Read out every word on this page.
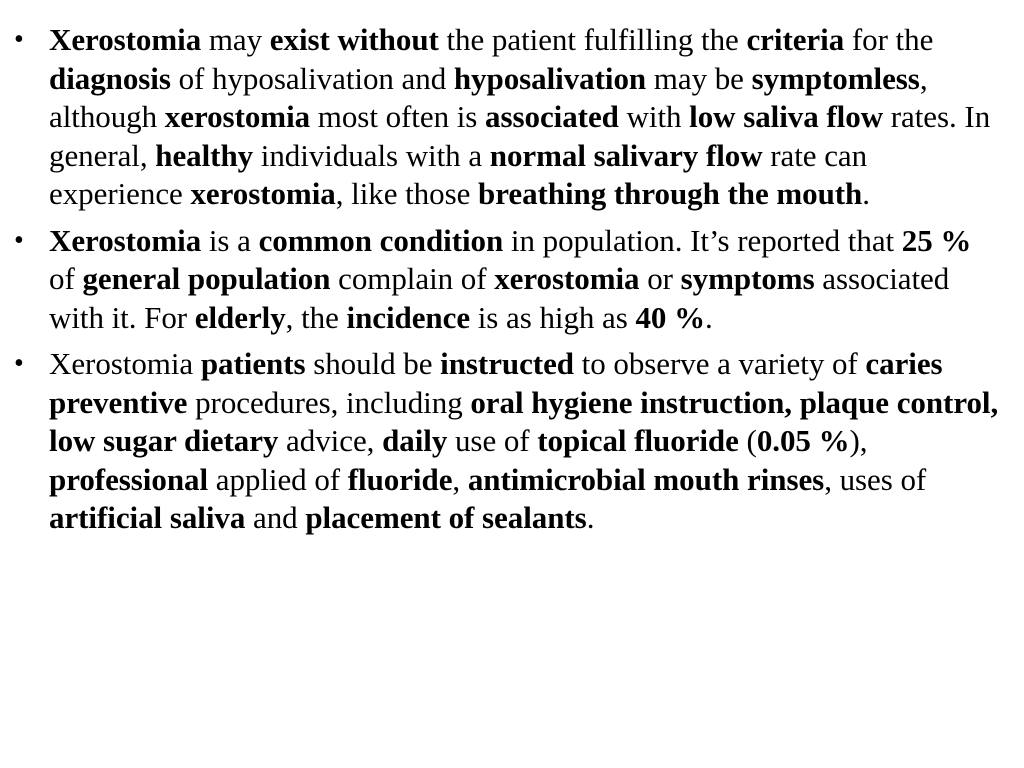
• Xerostomia may exist without the patient fulfilling the criteria for the diagnosis of hyposalivation and hyposalivation may be symptomless, although xerostomia most often is associated with low saliva flow rates. In general, healthy individuals with a normal salivary flow rate can experience xerostomia, like those breathing through the mouth.
• Xerostomia is a common condition in population. It’s reported that 25 % of general population complain of xerostomia or symptoms associated with it. For elderly, the incidence is as high as 40 %.
• Xerostomia patients should be instructed to observe a variety of caries preventive procedures, including oral hygiene instruction, plaque control, low sugar dietary advice, daily use of topical fluoride (0.05 %), professional applied of fluoride, antimicrobial mouth rinses, uses of artificial saliva and placement of sealants.
